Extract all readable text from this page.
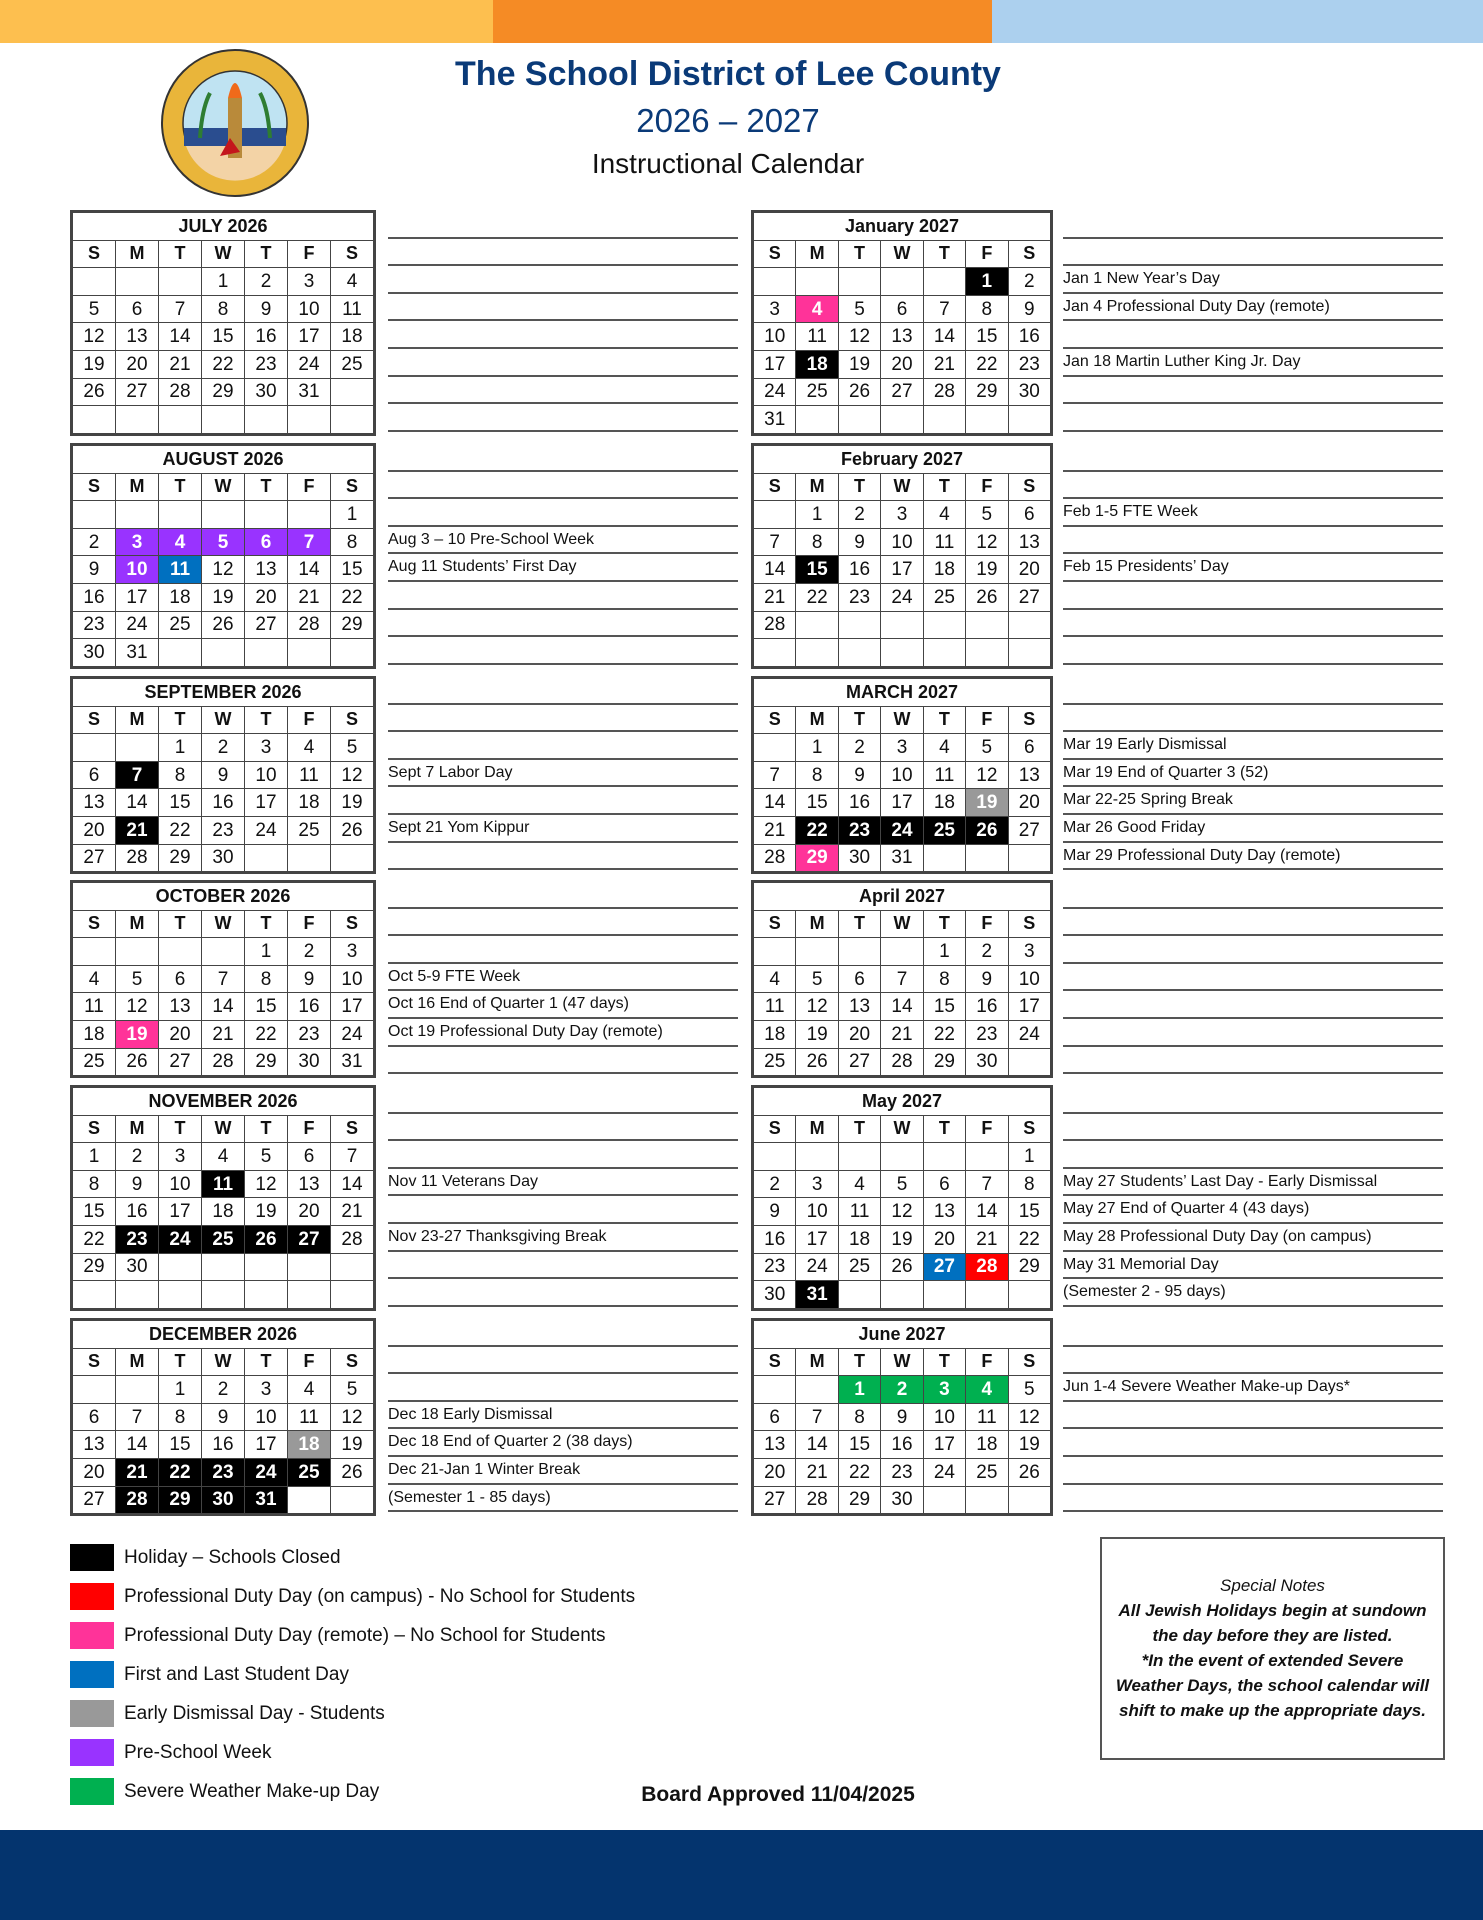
The School District of Lee County
2026 – 2027
Instructional Calendar
JULY 2026						
S	M	T	W	T	F	S
			1	2	3	4
5	6	7	8	9	10	11
12	13	14	15	16	17	18
19	20	21	22	23	24	25
26	27	28	29	30	31	

AUGUST 2026						
S	M	T	W	T	F	S
						1
2	3	4	5	6	7	8
9	10	11	12	13	14	15
16	17	18	19	20	21	22
23	24	25	26	27	28	29
30	31					
Aug 3 – 10 Pre-School Week
Aug 11 Students’ First Day
SEPTEMBER 2026						
S	M	T	W	T	F	S
		1	2	3	4	5
6	7	8	9	10	11	12
13	14	15	16	17	18	19
20	21	22	23	24	25	26
27	28	29	30			
Sept 7 Labor Day
Sept 21 Yom Kippur
OCTOBER 2026						
S	M	T	W	T	F	S
				1	2	3
4	5	6	7	8	9	10
11	12	13	14	15	16	17
18	19	20	21	22	23	24
25	26	27	28	29	30	31
Oct 5-9 FTE Week
Oct 16 End of Quarter 1 (47 days)
Oct 19 Professional Duty Day (remote)
NOVEMBER 2026						
S	M	T	W	T	F	S
1	2	3	4	5	6	7
8	9	10	11	12	13	14
15	16	17	18	19	20	21
22	23	24	25	26	27	28
29	30					

Nov 11 Veterans Day
Nov 23-27 Thanksgiving Break
DECEMBER 2026						
S	M	T	W	T	F	S
		1	2	3	4	5
6	7	8	9	10	11	12
13	14	15	16	17	18	19
20	21	22	23	24	25	26
27	28	29	30	31		
Dec 18 Early Dismissal
Dec 18 End of Quarter 2 (38 days)
Dec 21-Jan 1 Winter Break
(Semester 1 - 85 days)
January 2027						
S	M	T	W	T	F	S
					1	2
3	4	5	6	7	8	9
10	11	12	13	14	15	16
17	18	19	20	21	22	23
24	25	26	27	28	29	30
31						
Jan 1 New Year’s Day
Jan 4 Professional Duty Day (remote)
Jan 18 Martin Luther King Jr. Day
February 2027						
S	M	T	W	T	F	S
	1	2	3	4	5	6
7	8	9	10	11	12	13
14	15	16	17	18	19	20
21	22	23	24	25	26	27
28						

Feb 1-5 FTE Week
Feb 15 Presidents’ Day
MARCH 2027						
S	M	T	W	T	F	S
	1	2	3	4	5	6
7	8	9	10	11	12	13
14	15	16	17	18	19	20
21	22	23	24	25	26	27
28	29	30	31			
Mar 19 Early Dismissal
Mar 19 End of Quarter 3 (52)
Mar 22-25 Spring Break
Mar 26 Good Friday
Mar 29 Professional Duty Day (remote)
April 2027						
S	M	T	W	T	F	S
				1	2	3
4	5	6	7	8	9	10
11	12	13	14	15	16	17
18	19	20	21	22	23	24
25	26	27	28	29	30	
May 2027						
S	M	T	W	T	F	S
						1
2	3	4	5	6	7	8
9	10	11	12	13	14	15
16	17	18	19	20	21	22
23	24	25	26	27	28	29
30	31					
May 27 Students’ Last Day - Early Dismissal
May 27 End of Quarter 4 (43 days)
May 28 Professional Duty Day (on campus)
May 31 Memorial Day
(Semester 2 - 95 days)
June 2027						
S	M	T	W	T	F	S
		1	2	3	4	5
6	7	8	9	10	11	12
13	14	15	16	17	18	19
20	21	22	23	24	25	26
27	28	29	30			
Jun 1-4 Severe Weather Make-up Days*
Holiday – Schools Closed
Professional Duty Day (on campus) - No School for Students
Professional Duty Day (remote) – No School for Students
First and Last Student Day
Early Dismissal Day - Students
Pre-School Week
Severe Weather Make-up Day
Special Notes
All Jewish Holidays begin at sundown
the day before they are listed.
*In the event of extended Severe
Weather Days, the school calendar will
shift to make up the appropriate days.
Board Approved 11/04/2025
